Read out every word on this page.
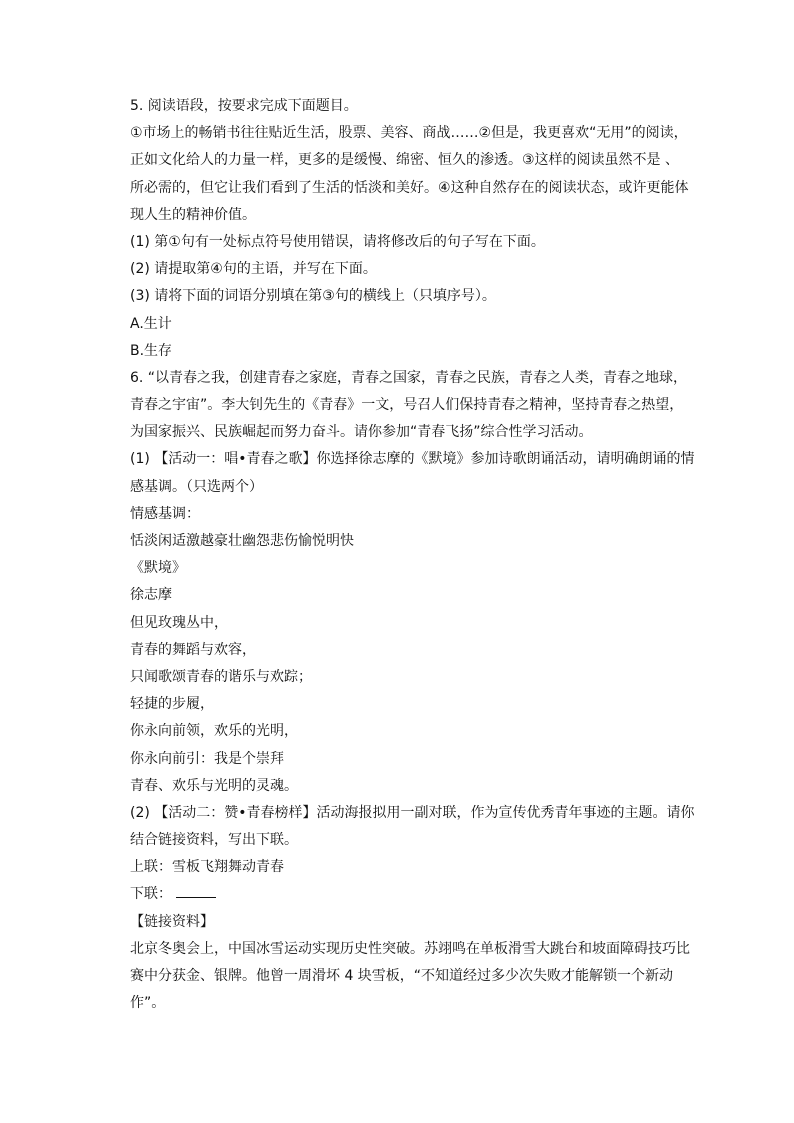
5. 阅读语段，按要求完成下面题目。
①市场上的畅销书往往贴近生活，股票、美容、商战……②但是，我更喜欢“无用”的阅读，
正如文化给人的力量一样，更多的是缓慢、绵密、恒久的渗透。③这样的阅读虽然不是 、
所必需的，但它让我们看到了生活的恬淡和美好。④这种自然存在的阅读状态，或许更能体
现人生的精神价值。
(1) 第①句有一处标点符号使用错误，请将修改后的句子写在下面。
(2) 请提取第④句的主语，并写在下面。
(3) 请将下面的词语分别填在第③句的横线上（只填序号）。
A.生计
B.生存
6. “以青春之我，创建青春之家庭，青春之国家，青春之民族，青春之人类，青春之地球，
青春之宇宙”。李大钊先生的《青春》一文，号召人们保持青春之精神，坚持青春之热望，
为国家振兴、民族崛起而努力奋斗。请你参加“青春飞扬”综合性学习活动。
(1) 【活动一：唱•青春之歌】你选择徐志摩的《默境》参加诗歌朗诵活动，请明确朗诵的情
感基调。（只选两个）
情感基调：
恬淡闲适激越豪壮幽怨悲伤愉悦明快
《默境》
徐志摩
但见玫瑰丛中，
青春的舞蹈与欢容，
只闻歌颂青春的谐乐与欢踪；
轻捷的步履，
你永向前领，欢乐的光明，
你永向前引：我是个崇拜
青春、欢乐与光明的灵魂。
(2) 【活动二：赞•青春榜样】活动海报拟用一副对联，作为宣传优秀青年事迹的主题。请你
结合链接资料，写出下联。
上联：雪板飞翔舞动青春
下联：
【链接资料】
北京冬奥会上，中国冰雪运动实现历史性突破。苏翊鸣在单板滑雪大跳台和坡面障碍技巧比
赛中分获金、银牌。他曾一周滑坏 4 块雪板，“不知道经过多少次失败才能解锁一个新动
作”。
